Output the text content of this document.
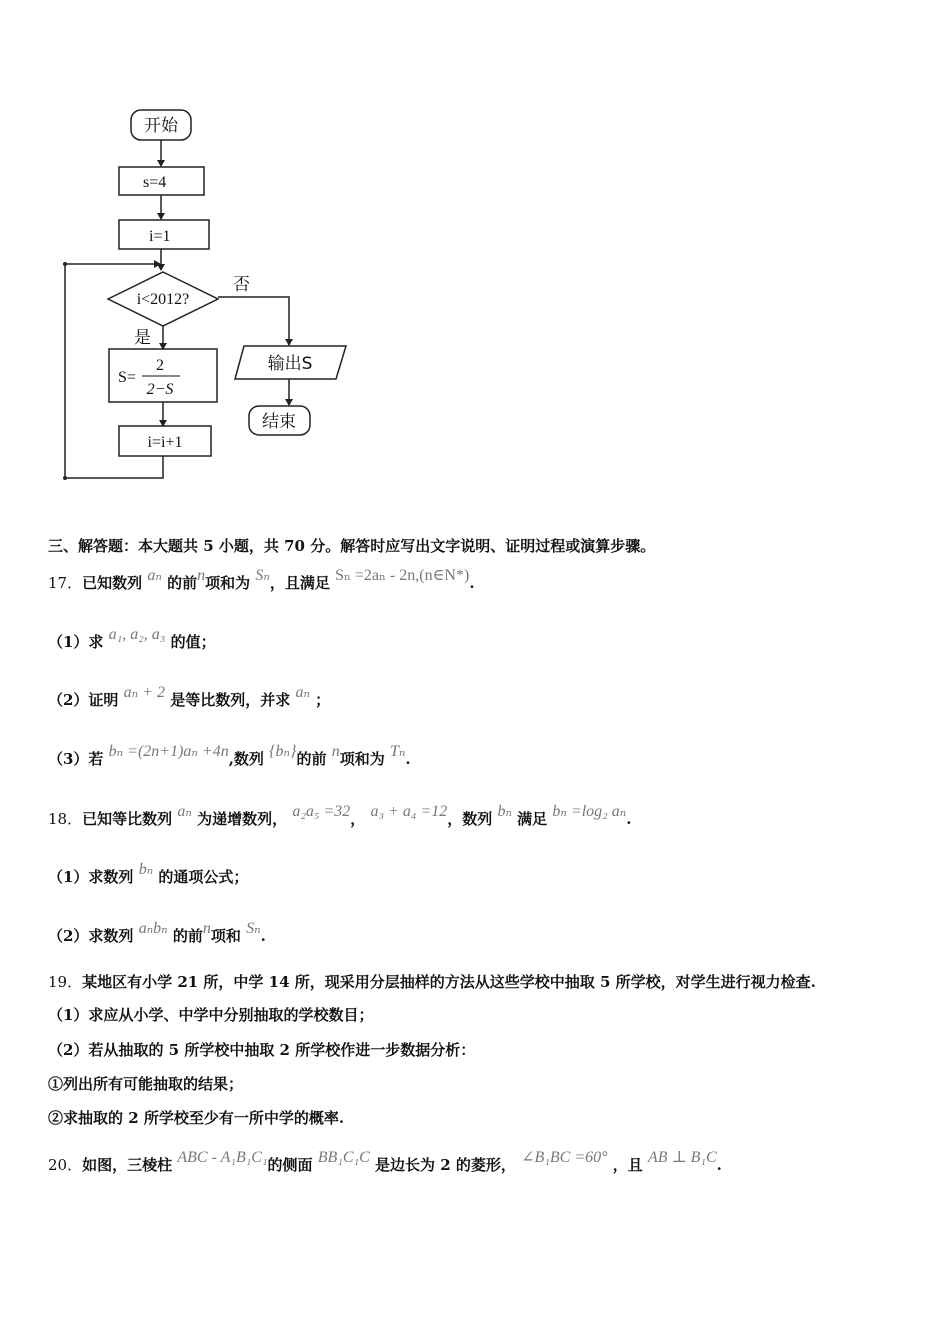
开始
s=4
i=1
i<2012?
否
是
S=
2
2−S
i=i+1
输出S
结束
三、解答题：本大题共 5 小题，共 70 分。解答时应写出文字说明、证明过程或演算步骤。
17．已知数列 aₙ 的前n项和为 Sₙ，且满足 Sₙ =2aₙ - 2n,(n∈N*).
（1）求 a₁, a₂, a₃ 的值；
（2）证明 aₙ + 2 是等比数列，并求 aₙ ；
（3）若 bₙ =(2n+1)aₙ +4n,数列 {bₙ}的前 n项和为 Tₙ.
18．已知等比数列 aₙ 为递增数列， a₂a₅ =32， a₃ + a₄ =12，数列 bₙ 满足 bₙ =log₂ aₙ.
（1）求数列 bₙ 的通项公式；
（2）求数列 aₙbₙ 的前n项和 Sₙ.
19．某地区有小学 21 所，中学 14 所，现采用分层抽样的方法从这些学校中抽取 5 所学校，对学生进行视力检查.
（1）求应从小学、中学中分别抽取的学校数目；
（2）若从抽取的 5 所学校中抽取 2 所学校作进一步数据分析：
①列出所有可能抽取的结果；
②求抽取的 2 所学校至少有一所中学的概率.
20．如图，三棱柱 ABC - A₁B₁C₁的侧面 BB₁C₁C 是边长为 2 的菱形， ∠B₁BC =60° ，且 AB ⊥ B₁C.
